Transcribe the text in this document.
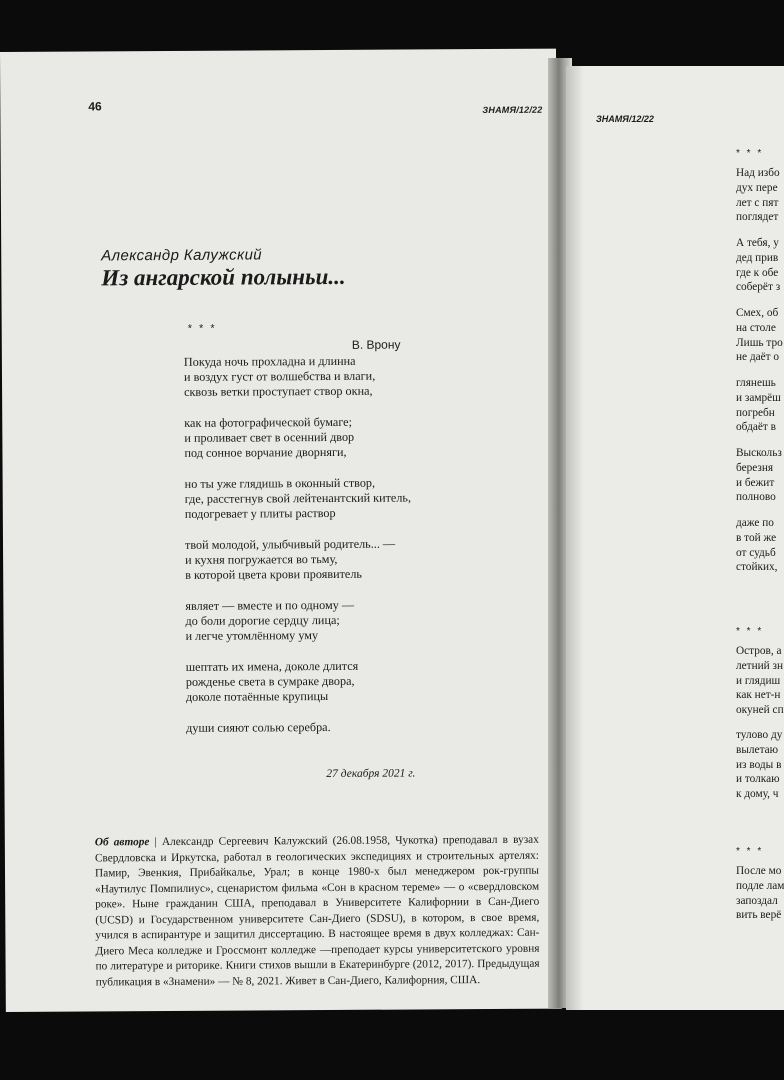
46	ЗНАМЯ/12/22
Александр Калужский
Из ангарской полыньи...
* * *
В. Врону
Покуда ночь прохладна и длинна
и воздух густ от волшебства и влаги,
сквозь ветки проступает створ окна,
как на фотографической бумаге;
и проливает свет в осенний двор
под сонное ворчание дворняги,
но ты уже глядишь в оконный створ,
где, расстегнув свой лейтенантский китель,
подогревает у плиты раствор
твой молодой, улыбчивый родитель... —
и кухня погружается во тьму,
в которой цвета крови проявитель
являет — вместе и по одному —
до боли дорогие сердцу лица;
и легче утомлённому уму
шептать их имена, доколе длится
рожденье света в сумраке двора,
доколе потаённые крупицы
души сияют солью серебра.
27 декабря 2021 г.
Об авторе | Александр Сергеевич Калужский (26.08.1958, Чукотка) преподавал в вузах Свердловска и Иркутска, работал в геологических экспедициях и строительных артелях: Памир, Эвенкия, Прибайкалье, Урал; в конце 1980-х был менеджером рок-группы «Наутилус Помпилиус», сценаристом фильма «Сон в красном тереме» — о «свердловском роке». Ныне гражданин США, преподавал в Университете Калифорнии в Сан-Диего (UCSD) и Государственном университете Сан-Диего (SDSU), в котором, в свое время, учился в аспирантуре и защитил диссертацию. В настоящее время в двух колледжах: Сан-Диего Меса колледже и Гроссмонт колледже —преподает курсы университетского уровня по литературе и риторике. Книги стихов вышли в Екатеринбурге (2012, 2017). Предыдущая публикация в «Знамени» — № 8, 2021. Живет в Сан-Диего, Калифорния, США.
ЗНАМЯ/12/22
* * *
Над избо
дух пере
лет с пят
поглядет
А тебя, у
дед прив
где к обе
соберёт з
Смех, об
на столе
Лишь тро
не даёт о
глянешь
и замрёш
погребн
обдаёт в
Выскольз
березня
и бежит
полново
даже по
в той же
от судьб
стойких,
* * *
Остров, а
летний зн
и глядиш
как нет-н
окуней сп
тулово ду
вылетаю
из воды в
и толкаю
к дому, ч
* * *
После мо
подле лам
запоздал
вить верё
